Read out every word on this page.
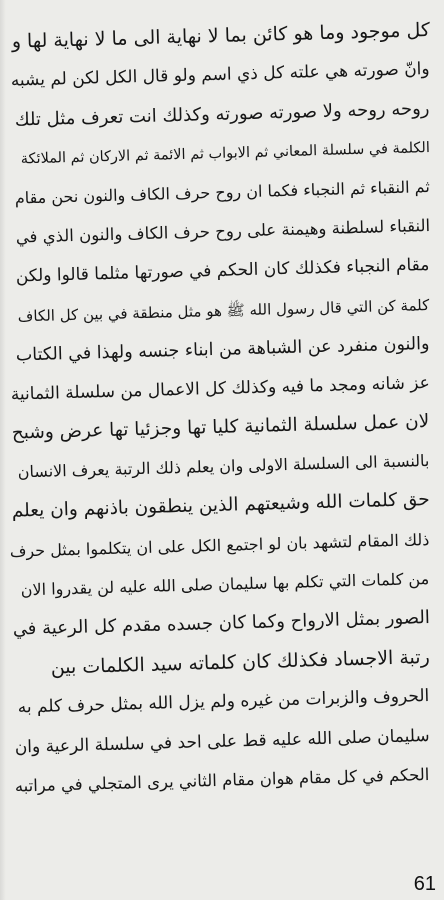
كل موجود وما هو كائن بما لا نهاية الى ما لا نهاية لها و
وانّ صورته هي علته كل ذي اسم ولو قال الكل لكن لم يشبه
روحه روحه ولا صورته صورته وكذلك انت تعرف مثل تلك
الكلمة في سلسلة المعاني ثم الابواب ثم الائمة ثم الاركان ثم الملائكة
ثم النقباء ثم النجباء فكما ان روح حرف الكاف والنون نحن مقام
النقباء لسلطنة وهيمنة على روح حرف الكاف والنون الذي في
مقام النجباء فكذلك كان الحكم في صورتها مثلما قالوا ولكن
كلمة كن التي قال رسول الله ﷺ هو مثل منطقة في بين كل الكاف
والنون منفرد عن الشباهة من ابناء جنسه ولهذا في الكتاب
عز شانه ومجد ما فيه وكذلك كل الاعمال من سلسلة الثمانية
لان عمل سلسلة الثمانية كليا تها وجزئيا تها عرض وشبح
بالنسبة الى السلسلة الاولى وان يعلم ذلك الرتبة يعرف الانسان
حق كلمات الله وشيعتهم الذين ينطقون باذنهم وان يعلم
ذلك المقام لتشهد بان لو اجتمع الكل على ان يتكلموا بمثل حرف
من كلمات التي تكلم بها سليمان صلى الله عليه لن يقدروا الان
الصور بمثل الارواح وكما كان جسده مقدم كل الرعية في
رتبة الاجساد فكذلك كان كلماته سيد الكلمات بين
الحروف والزبرات من غيره ولم يزل الله بمثل حرف كلم به
سليمان صلى الله عليه قط على احد في سلسلة الرعية وان
الحكم في كل مقام هوان مقام الثاني يرى المتجلي في مراتبه
61
